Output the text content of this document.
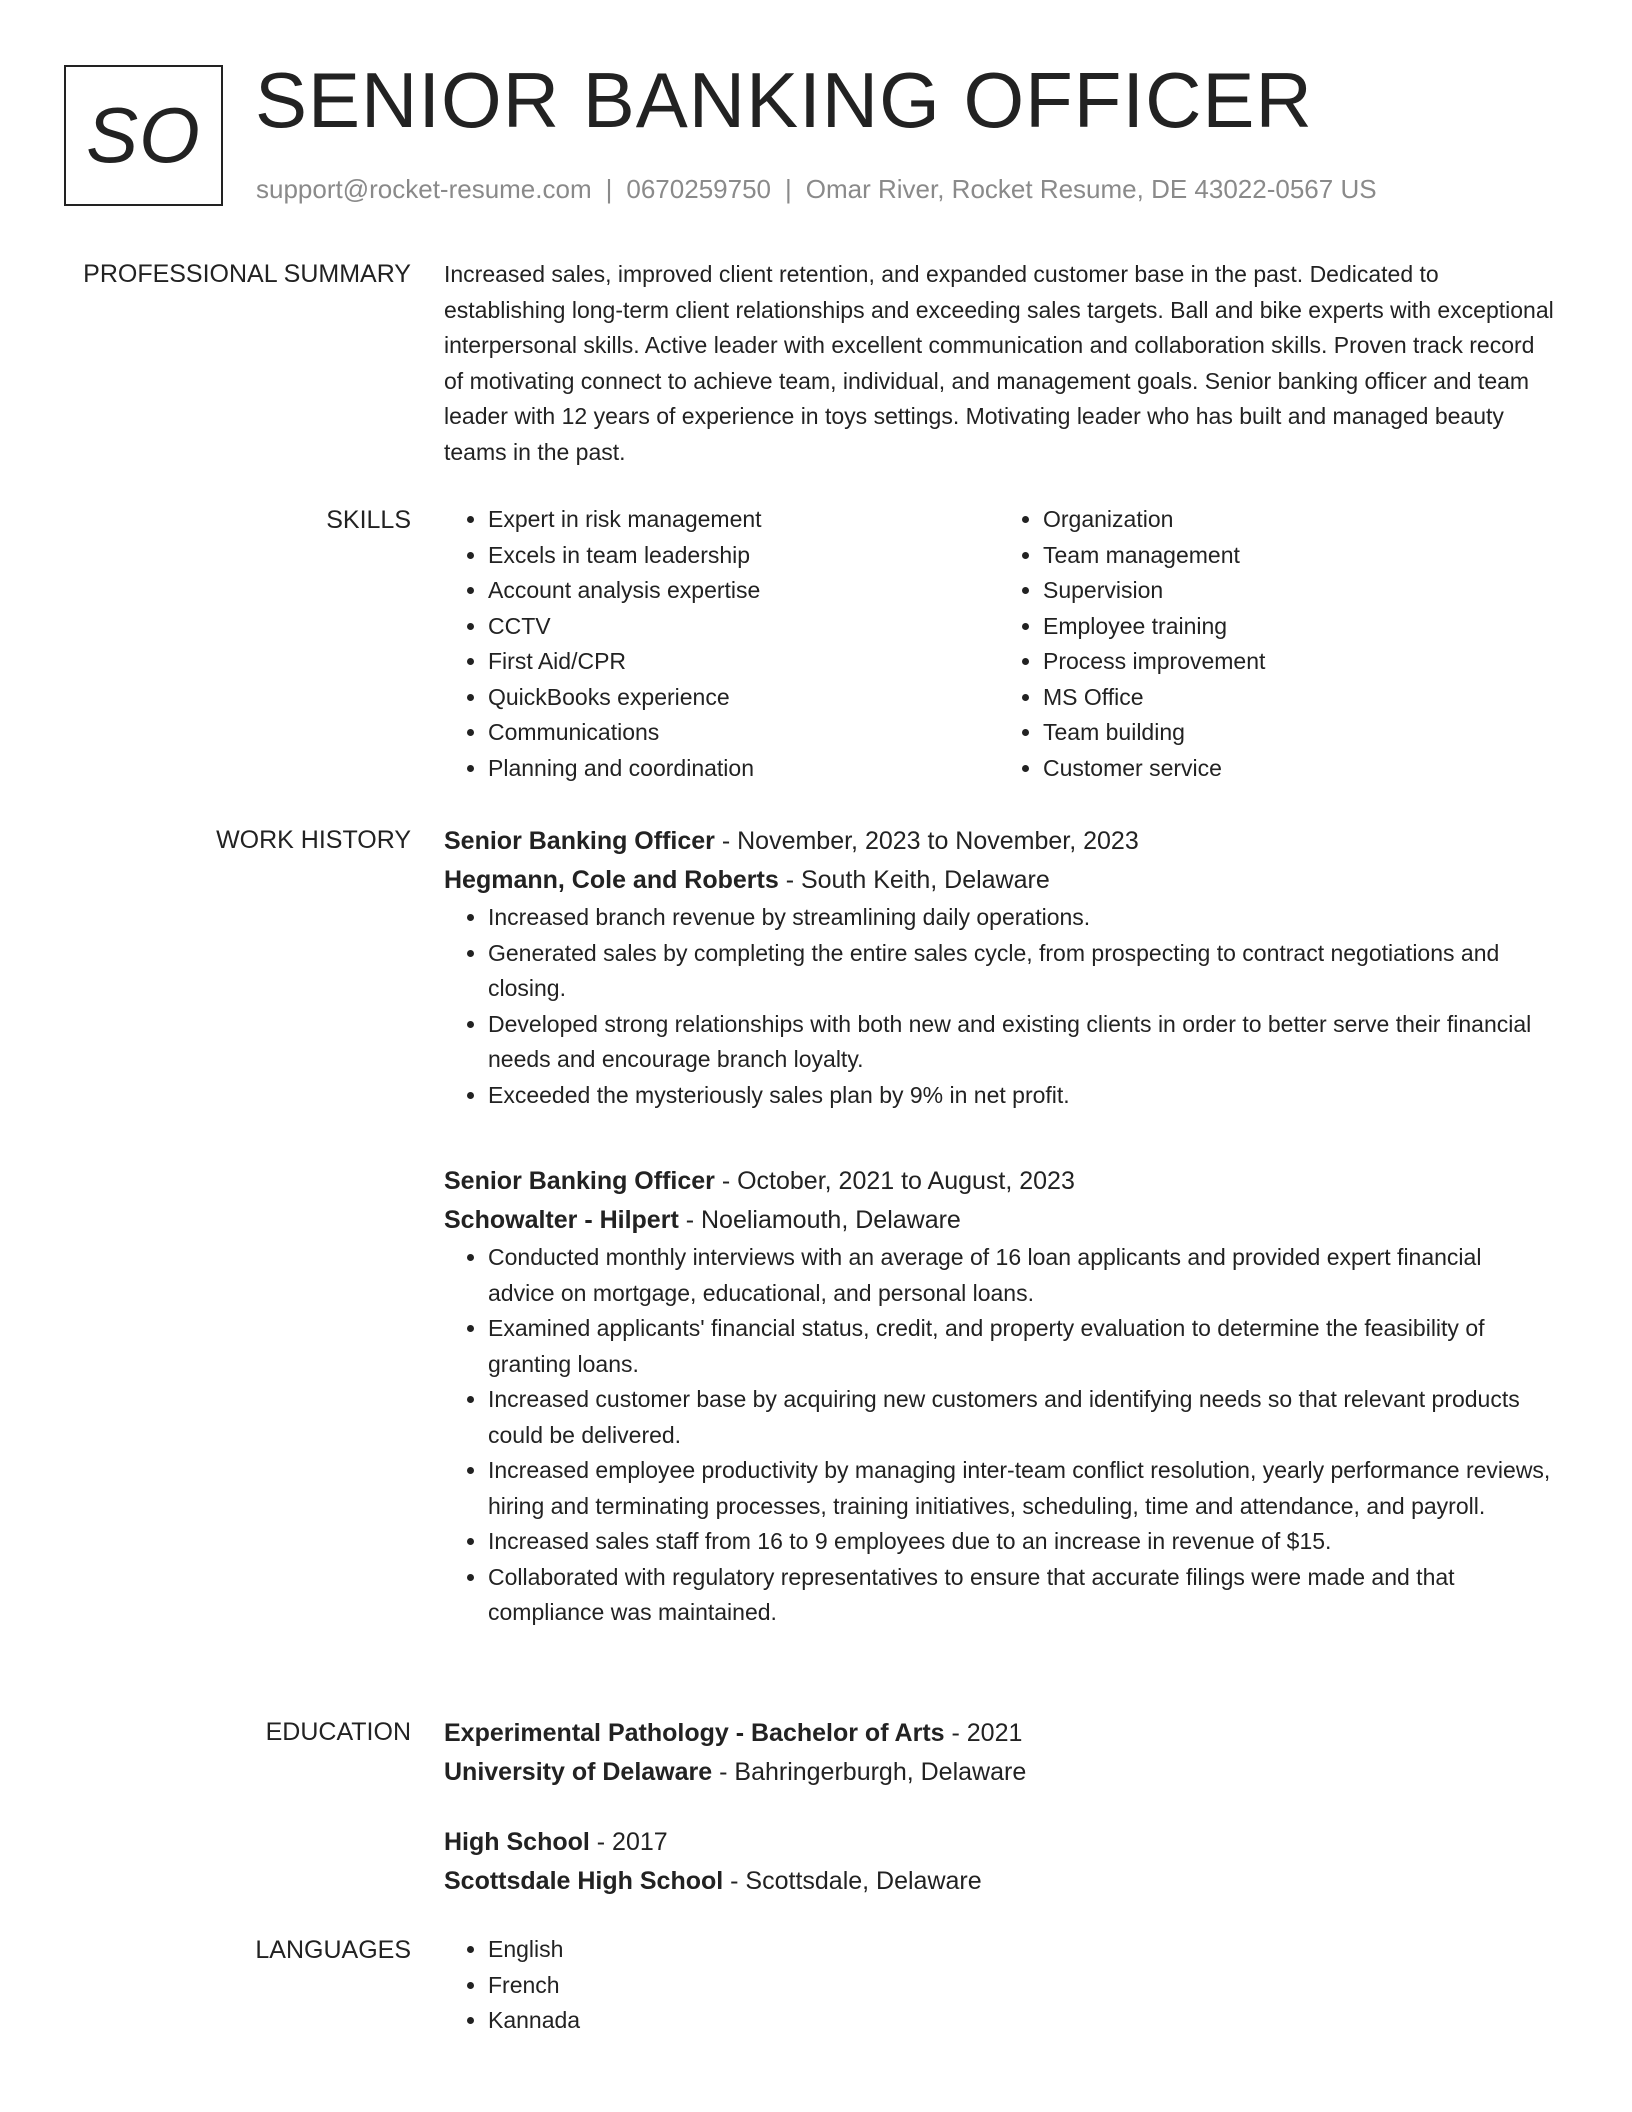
SO SENIOR BANKING OFFICER
support@rocket-resume.com | 0670259750 | Omar River, Rocket Resume, DE 43022-0567 US
PROFESSIONAL SUMMARY Increased sales, improved client retention, and expanded customer base in the past. Dedicated to establishing long-term client relationships and exceeding sales targets. Ball and bike experts with exceptional interpersonal skills. Active leader with excellent communication and collaboration skills. Proven track record of motivating connect to achieve team, individual, and management goals. Senior banking officer and team leader with 12 years of experience in toys settings. Motivating leader who has built and managed beauty teams in the past.

SKILLS	• Expert in risk management
• Excels in team leadership
• Account analysis expertise
• CCTV
• First Aid/CPR
• QuickBooks experience
• Communications
• Planning and coordination
• Organization
• Team management
• Supervision
• Employee training
• Process improvement
• MS Office
• Team building
• Customer service
WORK HISTORY Senior Banking Officer - November, 2023 to November, 2023
Hegmann, Cole and Roberts - South Keith, Delaware
• Increased branch revenue by streamlining daily operations.
• Generated sales by completing the entire sales cycle, from prospecting to contract negotiations and closing.
• Developed strong relationships with both new and existing clients in order to better serve their financial needs and encourage branch loyalty.
• Exceeded the mysteriously sales plan by 9% in net profit.
Senior Banking Officer - October, 2021 to August, 2023
Schowalter - Hilpert - Noeliamouth, Delaware
• Conducted monthly interviews with an average of 16 loan applicants and provided expert financial advice on mortgage, educational, and personal loans.
• Examined applicants' financial status, credit, and property evaluation to determine the feasibility of granting loans.
• Increased customer base by acquiring new customers and identifying needs so that relevant products could be delivered.
• Increased employee productivity by managing inter-team conflict resolution, yearly performance reviews, hiring and terminating processes, training initiatives, scheduling, time and attendance, and payroll.
• Increased sales staff from 16 to 9 employees due to an increase in revenue of $15.
• Collaborated with regulatory representatives to ensure that accurate filings were made and that compliance was maintained.
EDUCATION Experimental Pathology - Bachelor of Arts - 2021
University of Delaware - Bahringerburgh, Delaware
High School - 2017
Scottsdale High School - Scottsdale, Delaware
LANGUAGES	• English
• French
• Kannada
